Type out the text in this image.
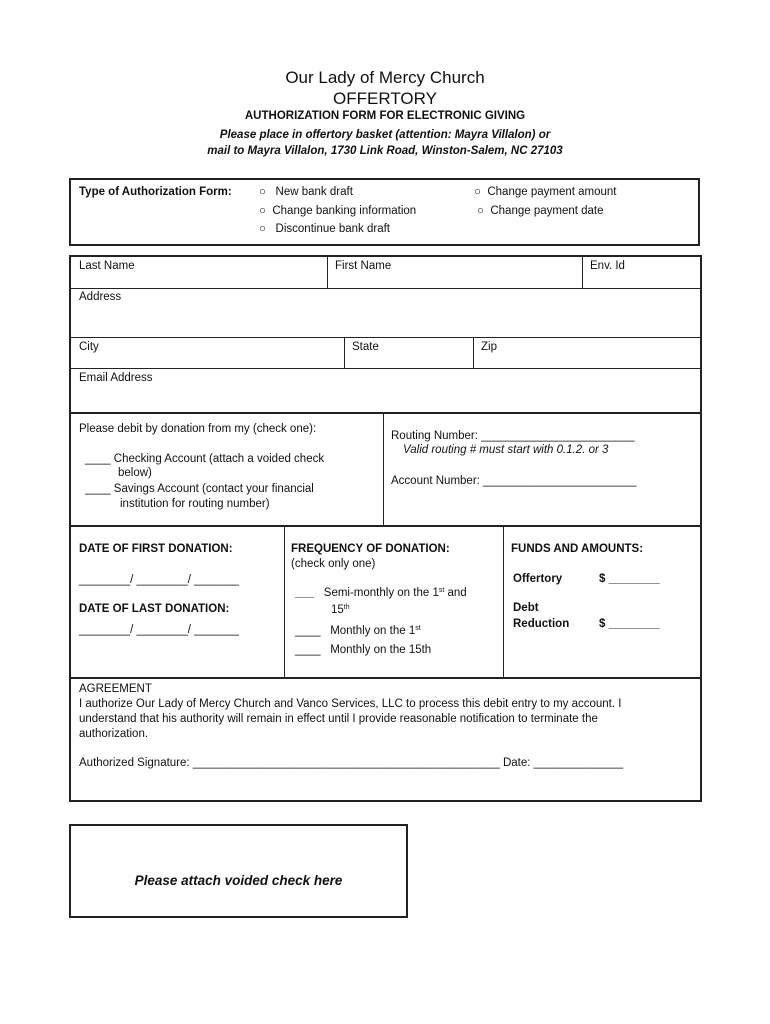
Our Lady of Mercy Church
OFFERTORY
AUTHORIZATION FORM FOR ELECTRONIC GIVING
Please place in offertory basket (attention: Mayra Villalon) or
mail to Mayra Villalon, 1730 Link Road, Winston-Salem, NC 27103
Type of Authorization Form: ○ New bank draft
○ Change banking information
○ Discontinue bank draft
○ Change payment amount
○ Change payment date
Last Name	First Name	Env. Id
Address
City	State	Zip
Email Address
Please debit by donation from my (check one):
____ Checking Account (attach a voided check
below)
____ Savings Account (contact your financial
institution for routing number)
Routing Number: ________________________
Valid routing # must start with 0.1.2. or 3
Account Number: ________________________
DATE OF FIRST DONATION:
________/ ________/ _______
DATE OF LAST DONATION:
________/ ________/ _______
FREQUENCY OF DONATION:
(check only one)
___ Semi-monthly on the 1st and
15th
____ Monthly on the 1st
____ Monthly on the 15th
FUNDS AND AMOUNTS:
Offertory	$ ________
Debt
Reduction	$ ________
AGREEMENT
I authorize Our Lady of Mercy Church and Vanco Services, LLC to process this debit entry to my account. I
understand that his authority will remain in effect until I provide reasonable notification to terminate the
authorization.
Authorized Signature: ________________________________________________ Date: ______________
Please attach voided check here
